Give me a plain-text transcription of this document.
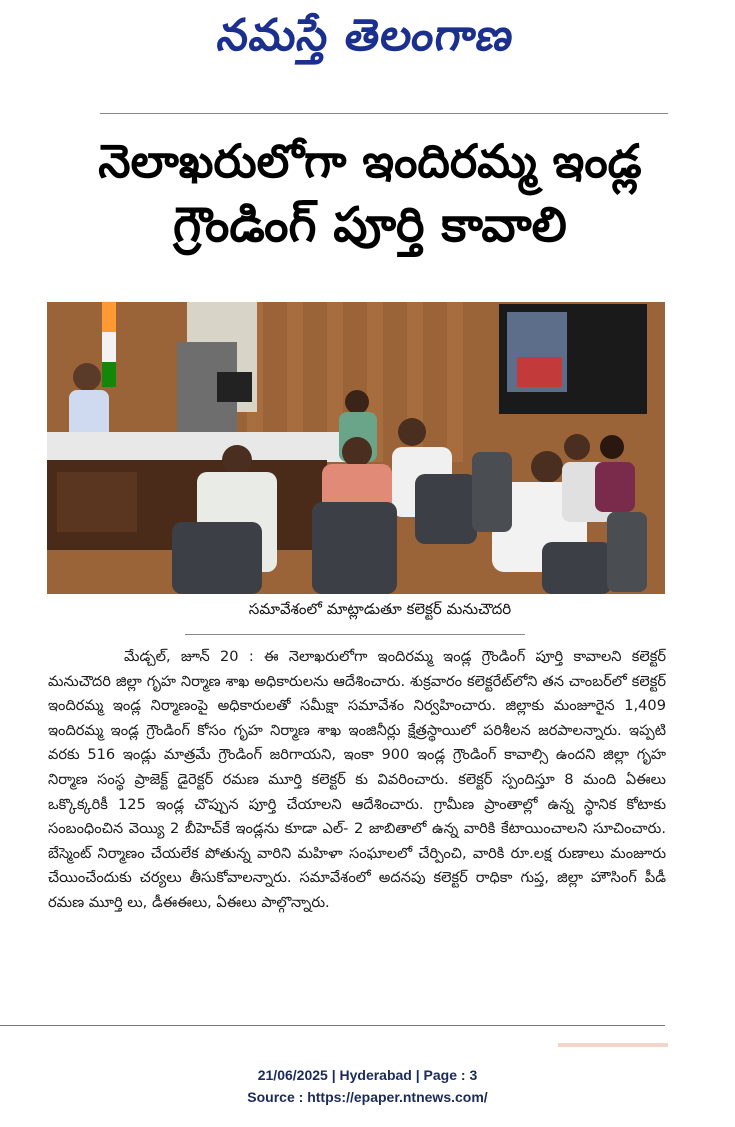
నమస్తే తెలంగాణ
నెలాఖరులోగా ఇందిరమ్మ ఇండ్ల
గ్రౌండింగ్ పూర్తి కావాలి
సమావేశంలో మాట్లాడుతూ కలెక్టర్ మనుచౌదరి

మేడ్చల్, జూన్ 20 : ఈ నెలాఖరులోగా ఇందిరమ్మ ఇండ్ల గ్రౌండింగ్ పూర్తి కావాలని కలెక్టర్ మనుచౌదరి జిల్లా గృహ నిర్మాణ శాఖ అధికారులను ఆదేశించారు. శుక్రవారం కలెక్టరేట్‌లోని తన చాంబర్‌లో కలెక్టర్ ఇందిరమ్మ ఇండ్ల నిర్మాణంపై అధికారులతో సమీక్షా సమావేశం నిర్వహించారు. జిల్లాకు మంజూరైన 1,409 ఇందిరమ్మ ఇండ్ల గ్రౌండింగ్ కోసం గృహ నిర్మాణ శాఖ ఇంజినీర్లు క్షేత్రస్థాయిలో పరిశీలన జరపాలన్నారు. ఇప్పటి వరకు 516 ఇండ్లు మాత్రమే గ్రౌండింగ్ జరిగాయని, ఇంకా 900 ఇండ్ల గ్రౌండింగ్ కావాల్సి ఉందని జిల్లా గృహ నిర్మాణ సంస్థ ప్రాజెక్ట్ డైరెక్టర్ రమణ మూర్తి కలెక్టర్ కు వివరించారు. కలెక్టర్ స్పందిస్తూ 8 మంది ఏఈలు ఒక్కొక్కరికీ 125 ఇండ్ల చొప్పున పూర్తి చేయాలని ఆదేశించారు. గ్రామీణ ప్రాంతాల్లో ఉన్న స్థానిక కోటాకు సంబంధించిన వెయ్యి 2 బీహెచ్‌కే ఇండ్లను కూడా ఎల్- 2 జాబితాలో ఉన్న వారికి కేటాయించాలని సూచించారు. బేస్మెంట్ నిర్మాణం చేయలేక పోతున్న వారిని మహిళా సంఘాలలో చేర్పించి, వారికి రూ.లక్ష రుణాలు మంజూరు చేయించేందుకు చర్యలు తీసుకోవాలన్నారు. సమావేశంలో అదనపు కలెక్టర్ రాధికా గుప్త, జిల్లా హౌసింగ్ పీడీ రమణ మూర్తి లు, డీఈఈలు, ఏఈలు పాల్గొన్నారు.

21/06/2025 | Hyderabad | Page : 3
Source : https://epaper.ntnews.com/
